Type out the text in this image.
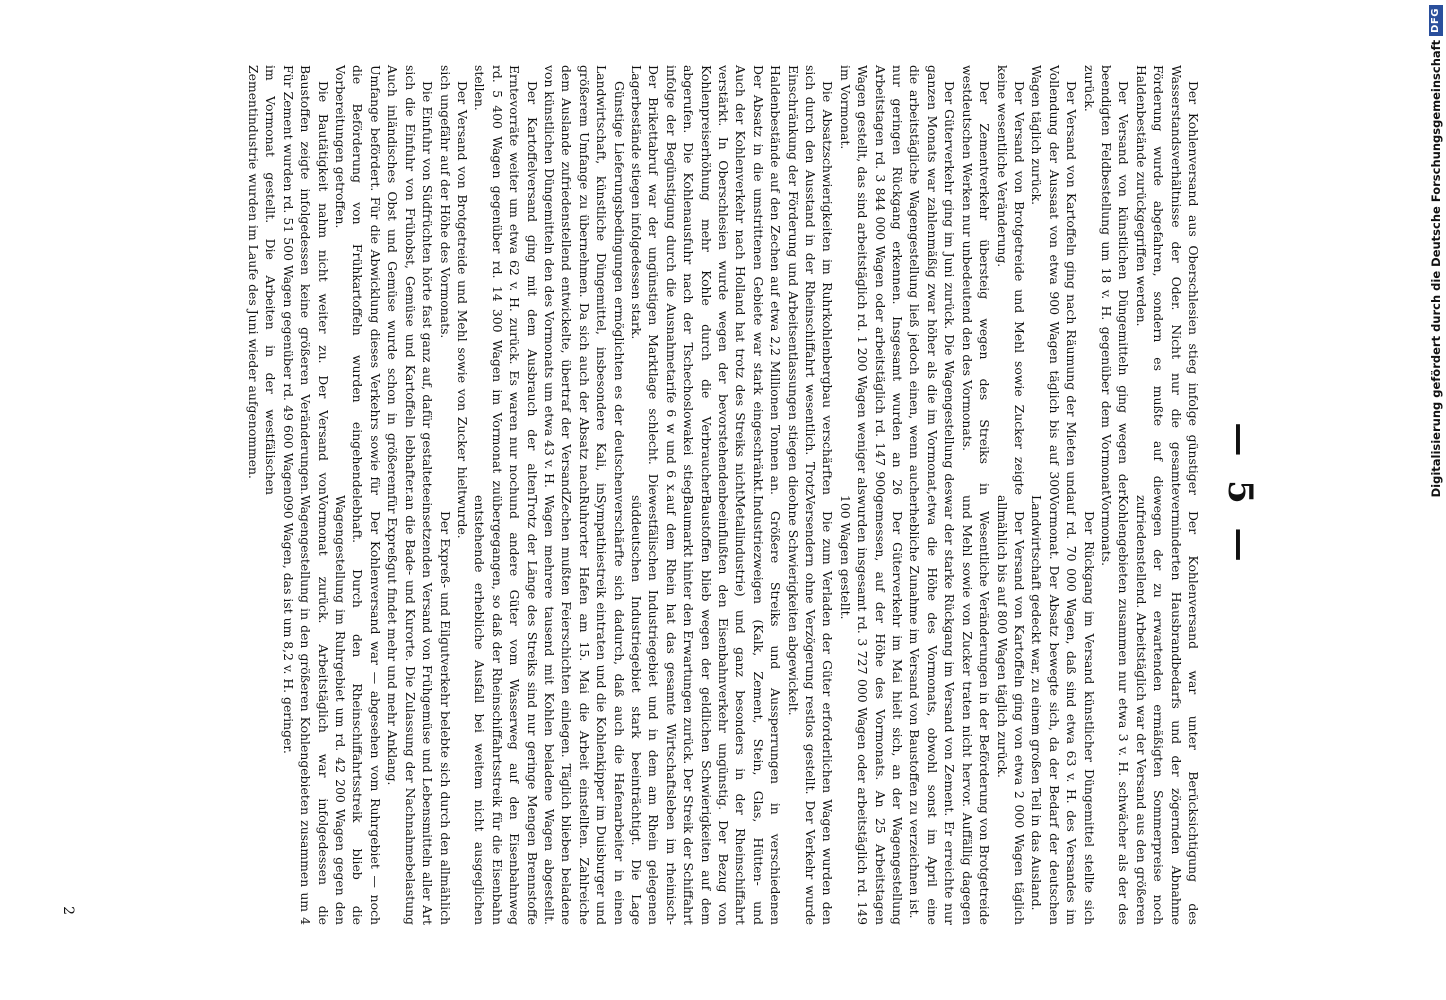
— 5 —

Der Kohlenversand war unter Berücksichtigung des verminderten Hausbrandbedarfs und der zögernden Abnahme wegen der zu erwartenden ermäßigten Sommerpreise noch zufriedenstellend. Arbeitstäglich war der Versand aus den größeren Kohlengebieten zusammen nur etwa 3 v. H. schwächer als der des Vormonats.

Der Rückgang im Versand künstlicher Düngemittel stellte sich auf rd. 70 000 Wagen, daß sind etwa 63 v. H. des Versandes im Vormonat. Der Absatz bewegte sich, da der Bedarf der deutschen Landwirtschaft gedeckt war, zu einem großen Teil in das Ausland.

Der Versand von Kartoffeln ging von etwa 2 000 Wagen täglich allmählich bis auf 800 Wagen täglich zurück.

Wesentliche Veränderungen in der Beförderung von Brotgetreide und Mehl sowie von Zucker traten nicht hervor. Auffällig dagegen war der starke Rückgang im Versand von Zement. Er erreichte nur etwa die Höhe des Vormonats, obwohl sonst im April eine erhebliche Zunahme im Versand von Baustoffen zu verzeichnen ist.

Der Güterverkehr im Mai hielt sich, an der Wagengestellung gemessen, auf der Höhe des Vormonats. An 25 Arbeitstagen wurden insgesamt rd. 3 727 000 Wagen oder arbeitstäglich rd. 149 100 Wagen gestellt.

Die zum Verladen der Güter erforderlichen Wagen wurden den Versendern ohne Verzögerung restlos gestellt. Der Verkehr wurde ohne Schwierigkeiten abgewickelt.

Größere Streiks und Aussperrungen in verschiedenen Industriezweigen (Kalk, Zement, Stein, Glas, Hütten- und Metallindustrie) und ganz besonders in der Rheinschiffahrt beeinflußten den Eisenbahnverkehr ungünstig. Der Bezug von Baustoffen blieb wegen der geldlichen Schwierigkeiten auf dem Baumarkt hinter den Erwartungen zurück. Der Streik der Schiffahrt auf dem Rhein hat das gesamte Wirtschaftsleben im rheinisch-westfälischen Industriegebiet und in dem am Rhein gelegenen süddeutschen Industriegebiet stark beeinträchtigt. Die Lage verschärfte sich dadurch, daß auch die Hafenarbeiter in einen Sympathiestreik eintraten und die Kohlenkipper im Duisburger und Ruhrorter Hafen am 15. Mai die Arbeit einstellten. Zahlreiche Zechen mußten Feierschichten einlegen. Täglich blieben beladene Wagen mehrere tausend mit Kohlen beladene Wagen abgestellt. Trotz der Länge des Streiks sind nur geringe Mengen Brennstoffe und andere Güter vom Wasserweg auf den Eisenbahnweg übergegangen, so daß der Rheinschiffahrtsstreik für die Eisenbahn entstehende erhebliche Ausfall bei weitem nicht ausgeglichen wurde.

Der Expreß- und Eilgutverkehr belebte sich durch den allmählich einsetzenden Versand von Frühgemüse und Lebensmitteln aller Art an die Bade- und Kurorte. Die Zulassung der Nachnahmebelastung für Expreßgut findet mehr und mehr Anklang.

Der Kohlenversand war — abgesehen vom Ruhrgebiet — noch lebhaft. Durch den Rheinschiffahrtsstreik blieb die Wagengestellung im Ruhrgebiet um rd. 42 200 Wagen gegen den Vormonat zurück. Arbeitstäglich war infolgedessen die Wagengestellung in den größeren Kohlengebieten zusammen um 4 090 Wagen, das ist um 8,2 v. H. geringer.

Der Kohlenversand aus Oberschlesien stieg infolge günstiger Wasserstandsverhältnisse der Oder. Nicht nur die gesamte Förderung wurde abgefahren, sondern es mußte auf die Haldenbestände zurückgegriffen werden.

Der Versand von künstlichen Düngemitteln ging wegen der beendigten Feldbestellung um 18 v. H. gegenüber dem Vormonat zurück.

Der Versand von Kartoffeln ging nach Räumung der Mieten und Vollendung der Aussaat von etwa 900 Wagen täglich bis auf 300 Wagen täglich zurück.

Der Versand von Brotgetreide und Mehl sowie Zucker zeigte keine wesentliche Veränderung.

Der Zementverkehr übersteig wegen des Streiks in westdeutschen Werken nur unbedeutend den des Vormonats.

Der Güterverkehr ging im Juni zurück. Die Wagengestellung des ganzen Monats war zahlenmäßig zwar höher als die im Vormonat, die arbeitstägliche Wagengestellung ließ jedoch einen, wenn auch nur geringen Rückgang erkennen. Insgesamt wurden an 26 Arbeitstagen rd. 3 844 000 Wagen oder arbeitstäglich rd. 147 900 Wagen gestellt, das sind arbeitstäglich rd. 1 200 Wagen weniger als im Vormonat.

Die Absatzschwierigkeiten im Ruhrkohlenbergbau verschärften sich durch den Ausstand in der Rheinschiffahrt wesentlich. Trotz Einschränkung der Förderung und Arbeitsentlassungen stiegen die Haldenbestände auf den Zechen auf etwa 2,2 Millionen Tonnen an. Der Absatz in die umstrittenen Gebiete war stark eingeschränkt. Auch der Kohlenverkehr nach Holland hat trotz des Streiks nicht verstärkt. In Oberschlesien wurde wegen der bevorstehenden Kohlenpreiserhöhung mehr Kohle durch die Verbraucher abgerufen. Die Kohlenausfuhr nach der Tschechoslowakei stieg infolge der Begünstigung durch die Ausnahmetarife 6 w und 6 x. Der Brikettabruf war der ungünstigen Marktlage schlecht. Die Lagerbestände stiegen infolgedessen stark.

Günstige Lieferungsbedingungen ermöglichten es der deutschen Landwirtschaft, künstliche Düngemittel, insbesondere Kali, in größerem Umfange zu übernehmen. Da sich auch der Absatz nach dem Auslande zufriedenstellend entwickelte, übertraf der Versand von künstlichen Düngemitteln den des Vormonats um etwa 43 v. H.

Der Kartoffelversand ging mit dem Ausbrauch der alten Erntevorräte weiter um etwa 62 v. H. zurück. Es waren nur noch rd. 5 400 Wagen gegenüber rd. 14 300 Wagen im Vormonat zu stellen.

Der Versand von Brotgetreide und Mehl sowie von Zucker hielt sich ungefähr auf der Höhe des Vormonats.

Die Einfuhr von Südfrüchten hörte fast ganz auf, dafür gestaltete sich die Einfuhr von Frühobst, Gemüse und Kartoffeln lebhafter. Auch inländisches Obst und Gemüse wurde schon in größerem Umfange befördert. Für die Abwicklung dieses Verkehrs sowie für die Beförderung von Frühkartoffeln wurden eingehende Vorbereitungen getroffen.

Die Bautätigkeit nahm nicht weiter zu. Der Versand von Baustoffen zeigte infolgedessen keine größeren Veränderungen. Für Zement wurden rd. 51 500 Wagen gegenüber rd. 49 600 Wagen im Vormonat gestellt. Die Arbeiten in der westfälischen Zementindustrie wurden im Laufe des Juni wieder aufgenommen.

2
Digitalisierung gefördert durch die Deutsche Forschungsgemeinschaft
DFG
